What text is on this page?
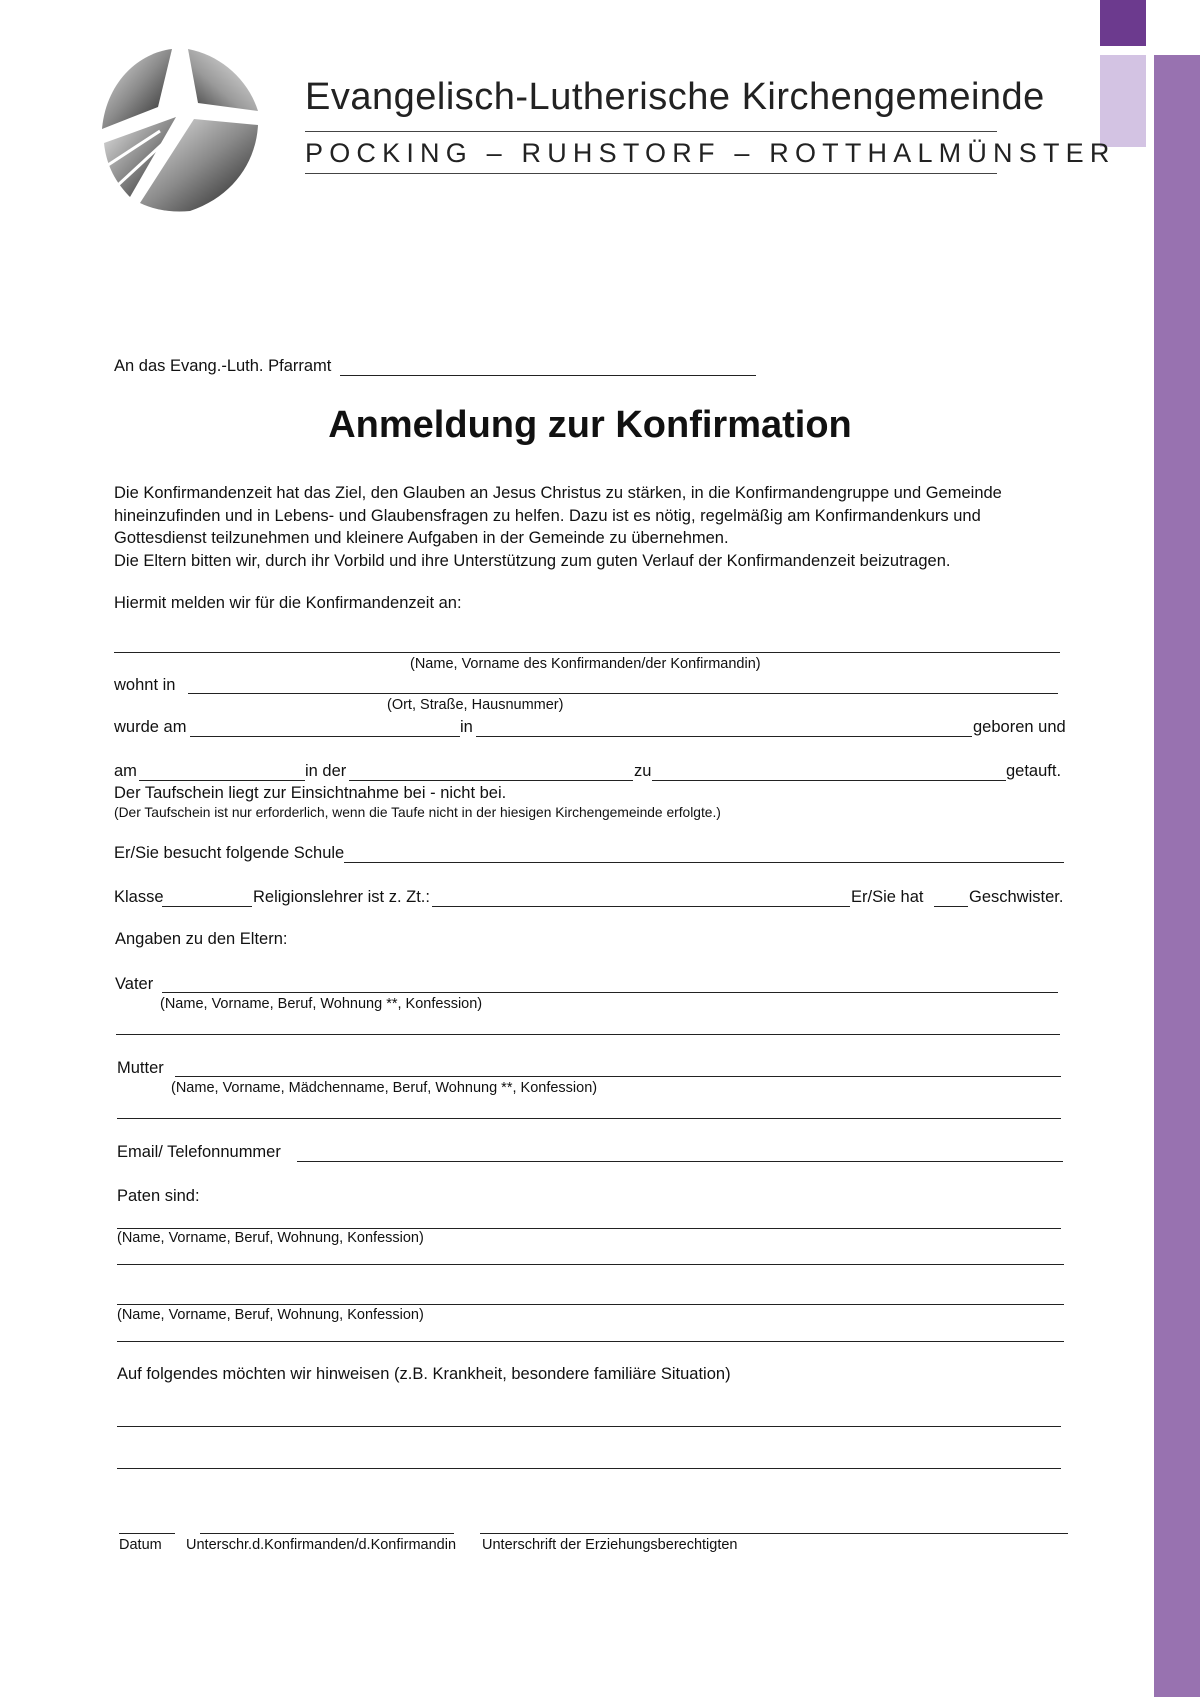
Evangelisch-Lutherische Kirchengemeinde
POCKING – RUHSTORF – ROTTHALMÜNSTER
An das Evang.-Luth. Pfarramt
Anmeldung zur Konfirmation

Die Konfirmandenzeit hat das Ziel, den Glauben an Jesus Christus zu stärken, in die Konfirmandengruppe und Gemeinde hineinzufinden und in Lebens- und Glaubensfragen zu helfen. Dazu ist es nötig, regelmäßig am Konfirmandenkurs und Gottesdienst teilzunehmen und kleinere Aufgaben in der Gemeinde zu übernehmen.

Die Eltern bitten wir, durch ihr Vorbild und ihre Unterstützung zum guten Verlauf der Konfirmandenzeit beizutragen.

Hiermit melden wir für die Konfirmandenzeit an:
(Name, Vorname des Konfirmanden/der Konfirmandin)
wohnt in
(Ort, Straße, Hausnummer)
wurde am	in	geboren und
am	in der	zu	getauft.
Der Taufschein liegt zur Einsichtnahme bei - nicht bei.
(Der Taufschein ist nur erforderlich, wenn die Taufe nicht in der hiesigen Kirchengemeinde erfolgte.)
Er/Sie besucht folgende Schule
Klasse	Religionslehrer ist z. Zt.:	Er/Sie hat	Geschwister.
Angaben zu den Eltern:
Vater
(Name, Vorname, Beruf, Wohnung **, Konfession)
Mutter
(Name, Vorname, Mädchenname, Beruf, Wohnung **, Konfession)
Email/ Telefonnummer
Paten sind:
(Name, Vorname, Beruf, Wohnung, Konfession)
(Name, Vorname, Beruf, Wohnung, Konfession)
Auf folgendes möchten wir hinweisen (z.B. Krankheit, besondere familiäre Situation)
Datum Unterschr.d.Konfirmanden/d.Konfirmandin Unterschrift der Erziehungsberechtigten
